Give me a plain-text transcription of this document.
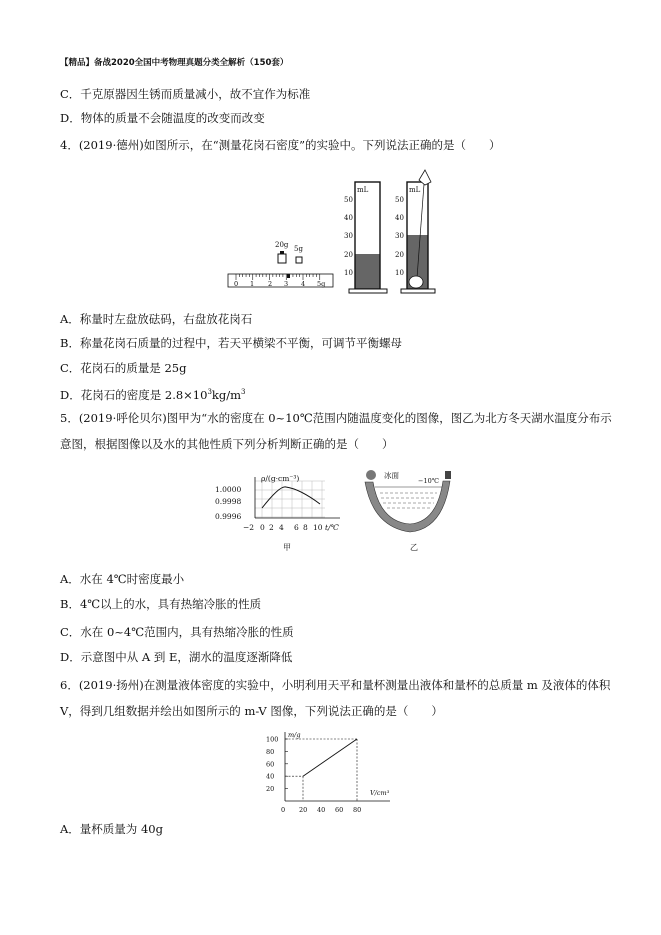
【精品】备战2020全国中考物理真题分类全解析（150套）
C．千克原器因生锈而质量减小，故不宜作为标准
D．物体的质量不会随温度的改变而改变
4．(2019·德州)如图所示，在“测量花岗石密度”的实验中。下列说法正确的是（　　）
20g 5g
0 1 2 3 4 5g
mL
10
20
30
40
50
mL
10
20
30
40
50
A．称量时左盘放砝码，右盘放花岗石
B．称量花岗石质量的过程中，若天平横梁不平衡，可调节平衡螺母
C．花岗石的质量是 25g
D．花岗石的密度是 $2.8\times 10^3kg/m^3$
5．(2019·呼伦贝尔)图甲为“水的密度在 0~10℃范围内随温度变化的图像，图乙为北方冬天湖水温度分布示
意图，根据图像以及水的其他性质下列分析判断正确的是（　　）
ρ/(g·cm⁻³)
1.0000
0.9998
0.9996
−2 0 2 4 6 8 10 t/℃
甲
冰面
−10℃
乙
A．水在 4℃时密度最小
B．4℃以上的水，具有热缩冷胀的性质
C．水在 0~4℃范围内，具有热缩冷胀的性质
D．示意图中从 A 到 E，湖水的温度逐渐降低
6．(2019·扬州)在测量液体密度的实验中，小明利用天平和量杯测量出液体和量杯的总质量 m 及液体的体积
V，得到几组数据并绘出如图所示的 m-V 图像，下列说法正确的是（　　）
m/g
V/cm³
0 20 40 60 80
20
40
60
80
100
A．量杯质量为 40g
